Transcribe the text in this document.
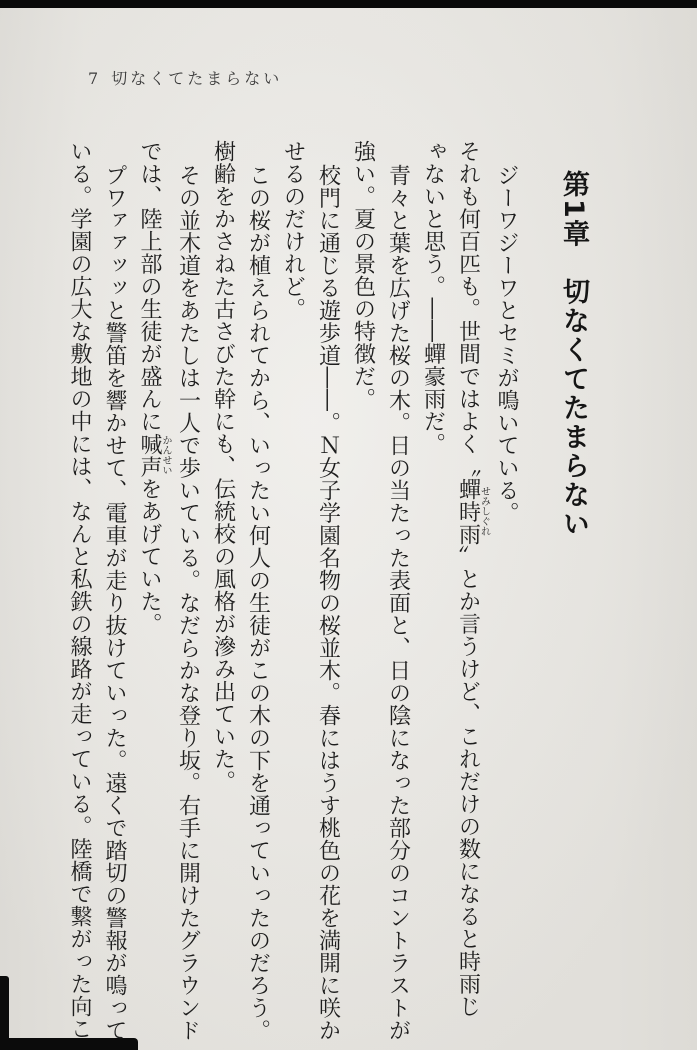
7 切なくてたまらない
第1章　切なくてたまらない
ジーワジーワとセミが鳴いている。
それも何百匹も。世間ではよく〝蟬時雨せみしぐれ〟とか言うけど、これだけの数になると時雨じ
ゃないと思う。――蟬豪雨だ。
青々と葉を広げた桜の木。日の当たった表面と、日の陰になった部分のコントラストが
強い。夏の景色の特徴だ。
校門に通じる遊歩道――。Ｎ女子学園名物の桜並木。春にはうす桃色の花を満開に咲か
せるのだけれど。
この桜が植えられてから、いったい何人の生徒がこの木の下を通っていったのだろう。
樹齢をかさねた古さびた幹にも、伝統校の風格が滲み出ていた。
その並木道をあたしは一人で歩いている。なだらかな登り坂。右手に開けたグラウンド
では、陸上部の生徒が盛んに喊声かんせいをあげていた。
プワァァッッと警笛を響かせて、電車が走り抜けていった。遠くで踏切の警報が鳴って
いる。学園の広大な敷地の中には、なんと私鉄の線路が走っている。陸橋で繋がった向こ
